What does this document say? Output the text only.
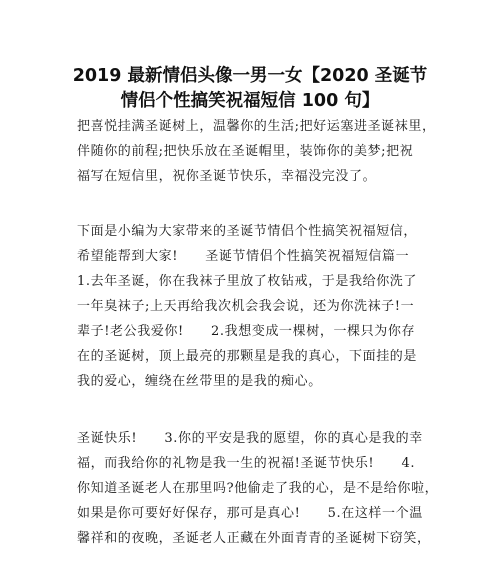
2019 最新情侣头像一男一女【2020 圣诞节
情侣个性搞笑祝福短信 100 句】
把喜悦挂满圣诞树上，温馨你的生活;把好运塞进圣诞袜里，
伴随你的前程;把快乐放在圣诞帽里，装饰你的美梦;把祝
福写在短信里，祝你圣诞节快乐，幸福没完没了。
下面是小编为大家带来的圣诞节情侣个性搞笑祝福短信，
希望能帮到大家!　　圣诞节情侣个性搞笑祝福短信篇一
1.去年圣诞，你在我袜子里放了枚钻戒，于是我给你洗了
一年臭袜子;上天再给我次机会我会说，还为你洗袜子!一
辈子!老公我爱你!　　2.我想变成一棵树，一棵只为你存
在的圣诞树，顶上最亮的那颗星是我的真心，下面挂的是
我的爱心，缠绕在丝带里的是我的痴心。
圣诞快乐!　　3.你的平安是我的愿望，你的真心是我的幸
福，而我给你的礼物是我一生的祝福!圣诞节快乐!　　4.
你知道圣诞老人在那里吗?他偷走了我的心，是不是给你啦，
如果是你可要好好保存，那可是真心!　　5.在这样一个温
馨祥和的夜晚，圣诞老人正藏在外面青青的圣诞树下窃笑，
